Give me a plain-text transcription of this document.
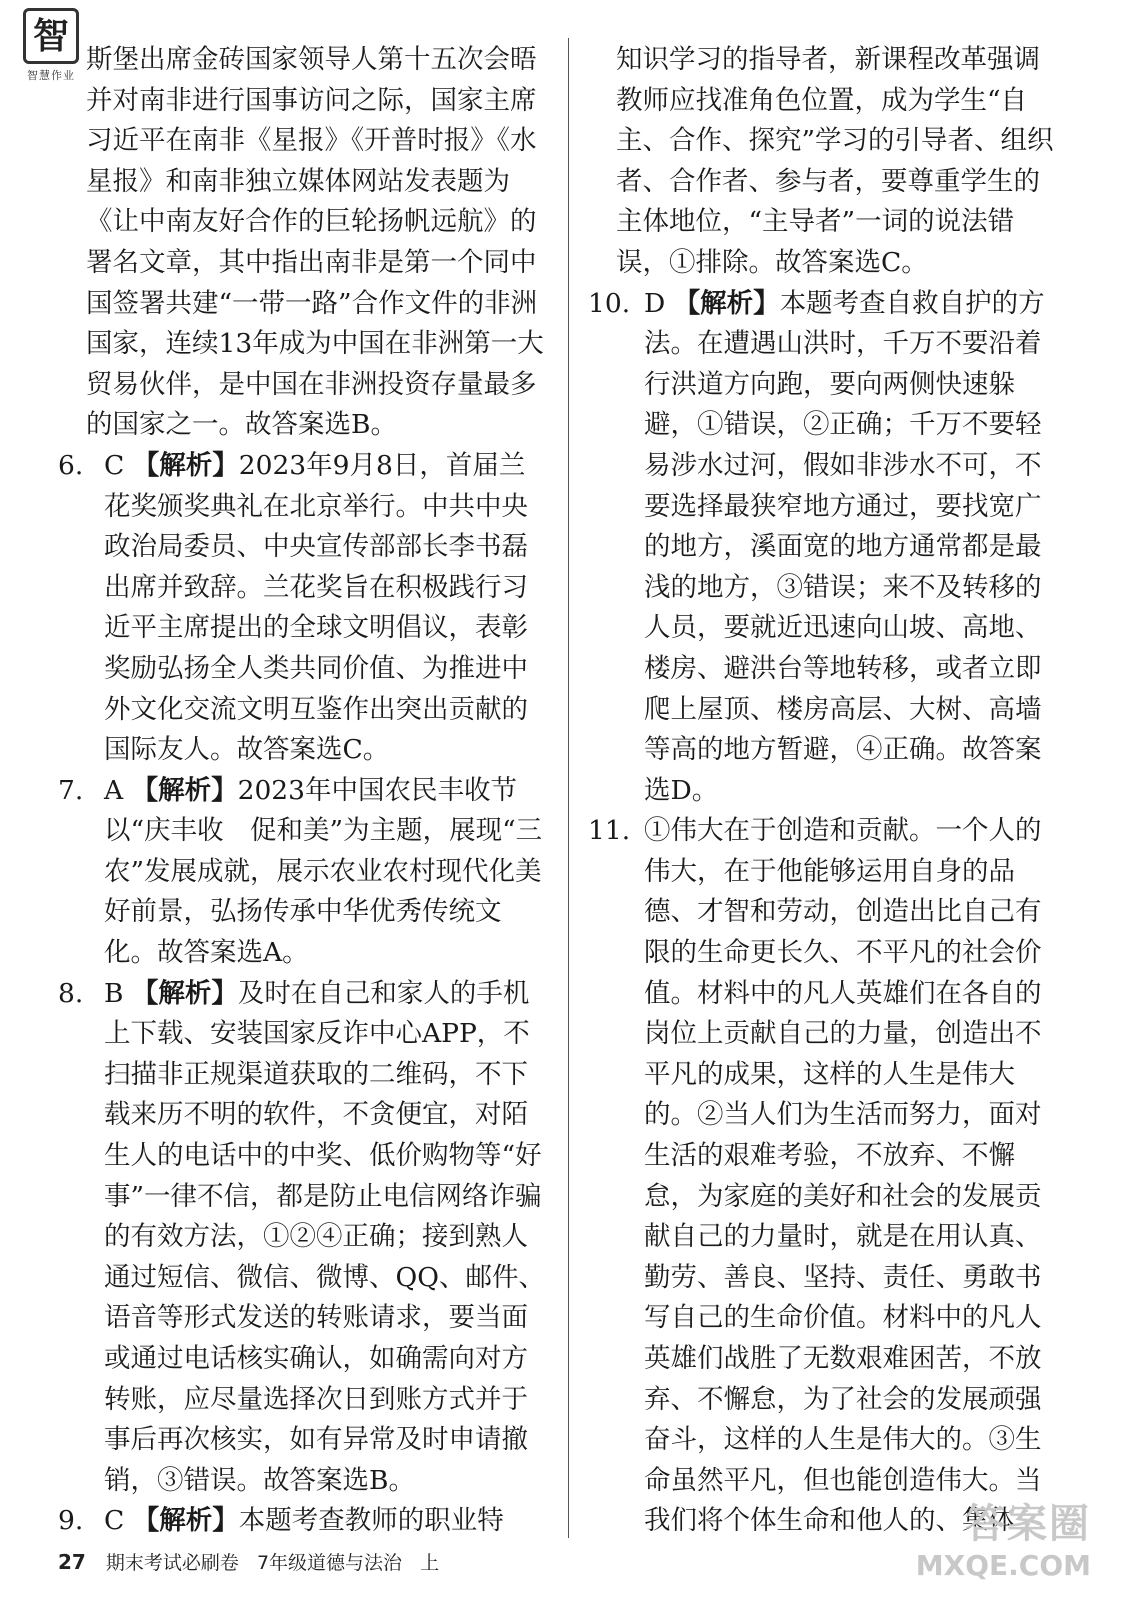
智
智慧作业

斯堡出席金砖国家领导人第十五次会晤并对南非进行国事访问之际，国家主席习近平在南非《星报》《开普时报》《水星报》和南非独立媒体网站发表题为《让中南友好合作的巨轮扬帆远航》的署名文章，其中指出南非是第一个同中国签署共建“一带一路”合作文件的非洲国家，连续13年成为中国在非洲第一大贸易伙伴，是中国在非洲投资存量最多的国家之一。故答案选B。

6. C 【解析】2023年9月8日，首届兰花奖颁奖典礼在北京举行。中共中央政治局委员、中央宣传部部长李书磊出席并致辞。兰花奖旨在积极践行习近平主席提出的全球文明倡议，表彰奖励弘扬全人类共同价值、为推进中外文化交流文明互鉴作出突出贡献的国际友人。故答案选C。
7. A 【解析】2023年中国农民丰收节以“庆丰收　促和美”为主题，展现“三农”发展成就，展示农业农村现代化美好前景，弘扬传承中华优秀传统文化。故答案选A。
8. B 【解析】及时在自己和家人的手机上下载、安装国家反诈中心APP，不扫描非正规渠道获取的二维码，不下载来历不明的软件，不贪便宜，对陌生人的电话中的中奖、低价购物等“好事”一律不信，都是防止电信网络诈骗的有效方法，①②④正确；接到熟人通过短信、微信、微博、QQ、邮件、语音等形式发送的转账请求，要当面或通过电话核实确认，如确需向对方转账，应尽量选择次日到账方式并于事后再次核实，如有异常及时申请撤销，③错误。故答案选B。
9. C 【解析】本题考查教师的职业特

知识学习的指导者，新课程改革强调教师应找准角色位置，成为学生“自主、合作、探究”学习的引导者、组织者、合作者、参与者，要尊重学生的主体地位，“主导者”一词的说法错误，①排除。故答案选C。

10. D 【解析】本题考查自救自护的方法。在遭遇山洪时，千万不要沿着行洪道方向跑，要向两侧快速躲避，①错误，②正确；千万不要轻易涉水过河，假如非涉水不可，不要选择最狭窄地方通过，要找宽广的地方，溪面宽的地方通常都是最浅的地方，③错误；来不及转移的人员，要就近迅速向山坡、高地、楼房、避洪台等地转移，或者立即爬上屋顶、楼房高层、大树、高墙等高的地方暂避，④正确。故答案选D。
11. ①伟大在于创造和贡献。一个人的伟大，在于他能够运用自身的品德、才智和劳动，创造出比自己有限的生命更长久、不平凡的社会价值。材料中的凡人英雄们在各自的岗位上贡献自己的力量，创造出不平凡的成果，这样的人生是伟大的。②当人们为生活而努力，面对生活的艰难考验，不放弃、不懈怠，为家庭的美好和社会的发展贡献自己的力量时，就是在用认真、勤劳、善良、坚持、责任、勇敢书写自己的生命价值。材料中的凡人英雄们战胜了无数艰难困苦，不放弃、不懈怠，为了社会的发展顽强奋斗，这样的人生是伟大的。③生命虽然平凡，但也能创造伟大。当我们将个体生命和他人的、集体

27 期末考试必刷卷 7年级道德与法治 上
答案圈
MXQE.COM
